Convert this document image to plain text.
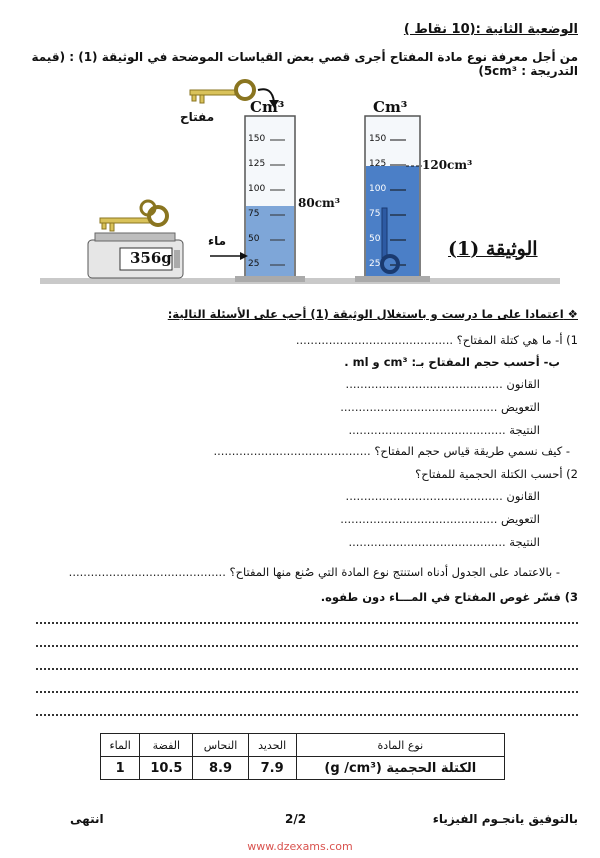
الوضعية الثانية :(10 نقاط )
من أجل معرفة نوع مادة المفتاح أجرى قصي بعض القياسات الموضحة في الوثيقة (1) : (قيمة التدريجة : 5cm³)
الوثيقة (1)
356g
مفتاح
ماء
Cm³	Cm³
80cm³
120cm³
150
125
100
75
50
25
150
125
100
75
50
25
❖ اعتمادا على ما درست و باستغلال الوثيقة (1) أجب على الأسئلة التالية:
1) أ- ما هي كتلة المفتاح؟ ...........................................
ب- أحسب حجم المفتاح بـ: cm³ و ml .
القانون ...........................................
التعويض ...........................................
النتيجة ...........................................
- كيف نسمي طريقة قياس حجم المفتاح؟ ...........................................
2) أحسب الكتلة الحجمية للمفتاح؟
القانون ...........................................
التعويض ...........................................
النتيجة ...........................................
- بالاعتماد على الجدول أدناه استنتج نوع المادة التي صُنع منها المفتاح؟ ...........................................
3) فسّر غوص المفتاح في المـــاء دون طفوه.
نوع المادة	الحديد	النحاس	الفضة	الماء
الكتلة الحجمية (g /cm³)	7.9	8.9	10.5	1
بالتوفيق يانجـوم الفيزياء
2/2
انتهى
www.dzexams.com
